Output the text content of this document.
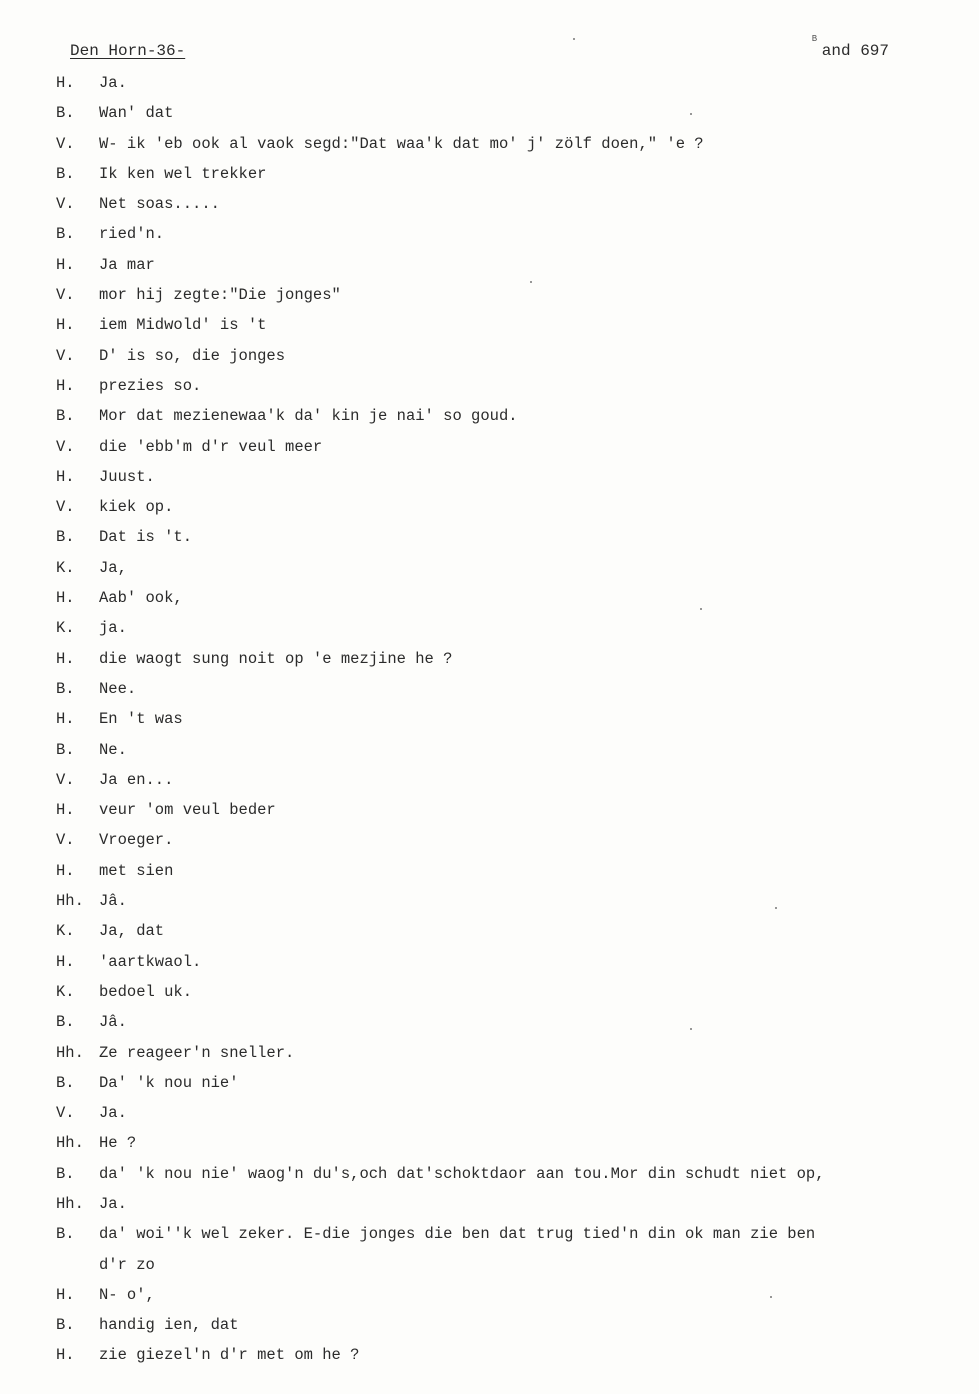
Den Horn-36-
B
and 697
H.	Ja.
B.	Wan' dat
V.	W- ik 'eb ook al vaok segd:"Dat waa'k dat mo' j' zölf doen," 'e ?
B.	Ik ken wel trekker
V.	Net soas.....
B.	ried'n.
H.	Ja mar
V.	mor hij zegte:"Die jonges"
H.	iem Midwold' is 't
V.	D' is so, die jonges
H.	prezies so.
B.	Mor dat mezienewaa'k da' kin je nai' so goud.
V.	die 'ebb'm d'r veul meer
H.	Juust.
V.	kiek op.
B.	Dat is 't.
K.	Ja,
H.	Aab' ook,
K.	ja.
H.	die waogt sung noit op 'e mezjine he ?
B.	Nee.
H.	En 't was
B.	Ne.
V.	Ja en...
H.	veur 'om veul beder
V.	Vroeger.
H.	met sien
Hh. Jâ.
K.	Ja, dat
H.	'aartkwaol.
K.	bedoel uk.
B.	Jâ.
Hh. Ze reageer'n sneller.
B.	Da' 'k nou nie'
V.	Ja.
Hh. He ?
B.	da' 'k nou nie' waog'n du's,och dat'schoktdaor aan tou.Mor din schudt niet op,
Hh. Ja.
B.	da' woi''k wel zeker. E-die jonges die ben dat trug tied'n din ok man zie ben
d'r zo
H.	N- o',
B.	handig ien, dat
H.	zie giezel'n d'r met om he ?
